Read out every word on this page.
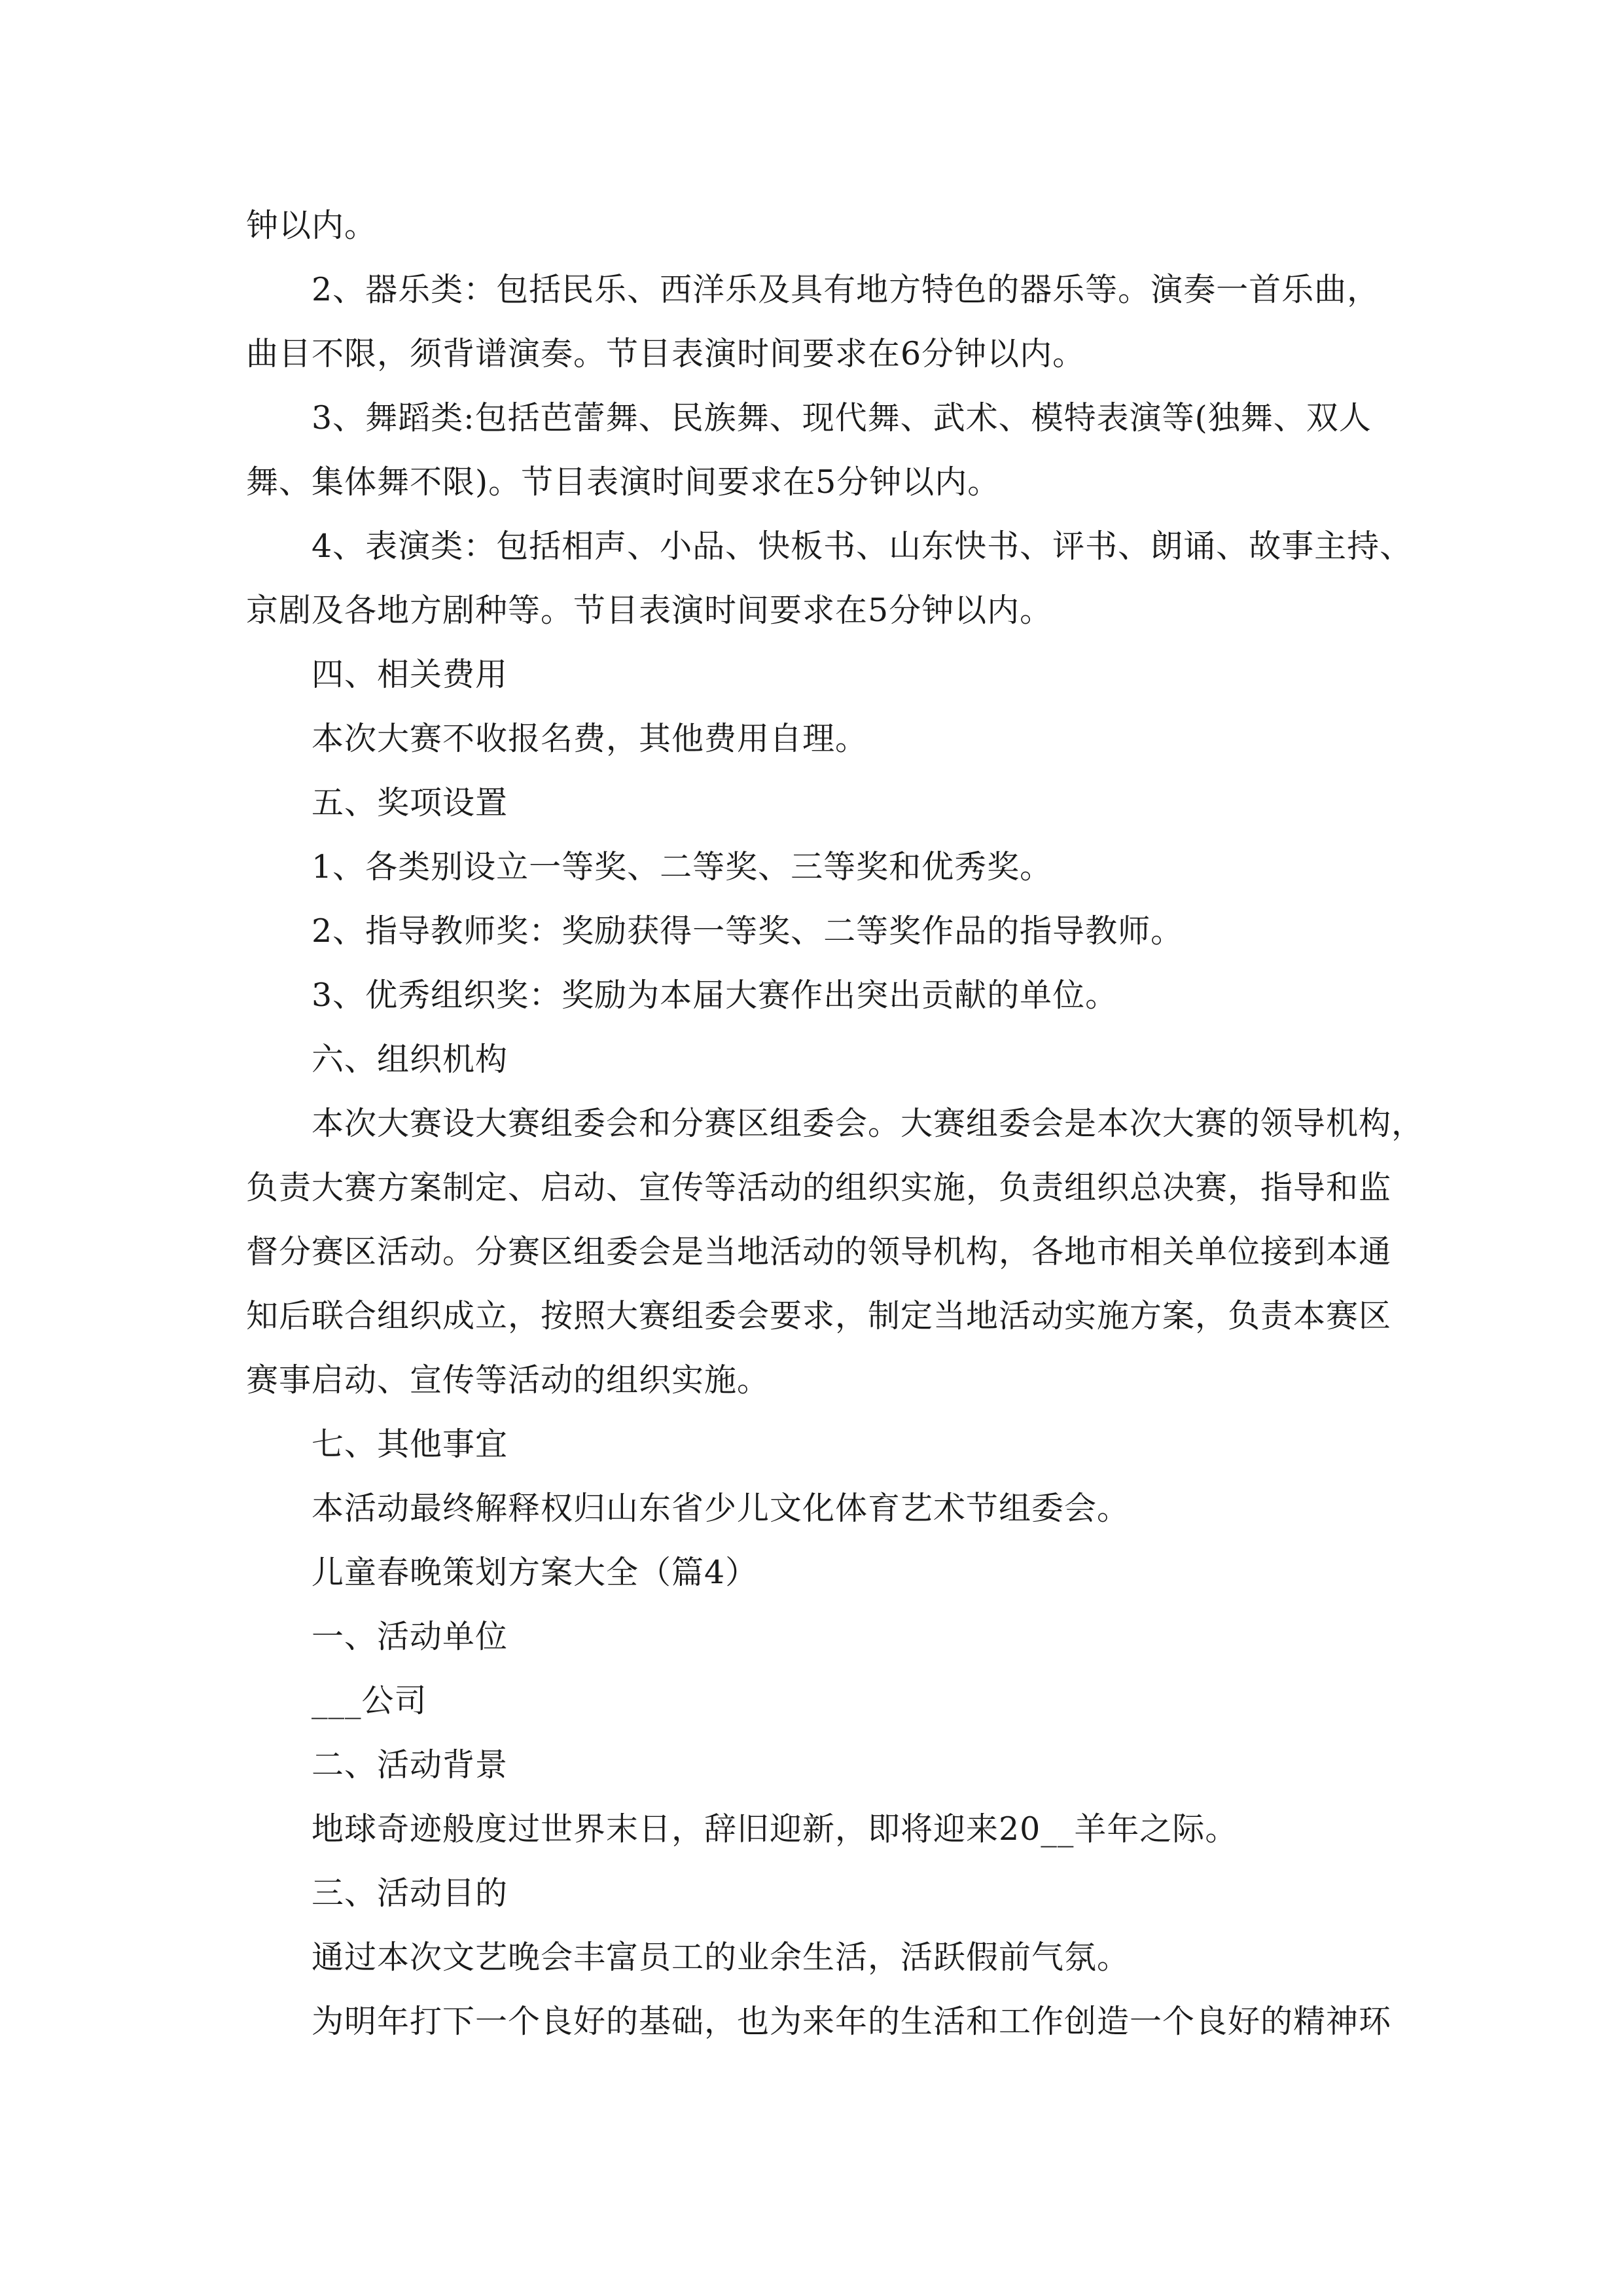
钟以内。
2、器乐类：包括民乐、西洋乐及具有地方特色的器乐等。演奏一首乐曲，
曲目不限，须背谱演奏。节目表演时间要求在6分钟以内。
3、舞蹈类:包括芭蕾舞、民族舞、现代舞、武术、模特表演等(独舞、双人
舞、集体舞不限)。节目表演时间要求在5分钟以内。
4、表演类：包括相声、小品、快板书、山东快书、评书、朗诵、故事主持、
京剧及各地方剧种等。节目表演时间要求在5分钟以内。
四、相关费用
本次大赛不收报名费，其他费用自理。
五、奖项设置
1、各类别设立一等奖、二等奖、三等奖和优秀奖。
2、指导教师奖：奖励获得一等奖、二等奖作品的指导教师。
3、优秀组织奖：奖励为本届大赛作出突出贡献的单位。
六、组织机构
本次大赛设大赛组委会和分赛区组委会。大赛组委会是本次大赛的领导机构，
负责大赛方案制定、启动、宣传等活动的组织实施，负责组织总决赛，指导和监
督分赛区活动。分赛区组委会是当地活动的领导机构，各地市相关单位接到本通
知后联合组织成立，按照大赛组委会要求，制定当地活动实施方案，负责本赛区
赛事启动、宣传等活动的组织实施。
七、其他事宜
本活动最终解释权归山东省少儿文化体育艺术节组委会。
儿童春晚策划方案大全（篇4）
一、活动单位
___公司
二、活动背景
地球奇迹般度过世界末日，辞旧迎新，即将迎来20__羊年之际。
三、活动目的
通过本次文艺晚会丰富员工的业余生活，活跃假前气氛。
为明年打下一个良好的基础，也为来年的生活和工作创造一个良好的精神环
